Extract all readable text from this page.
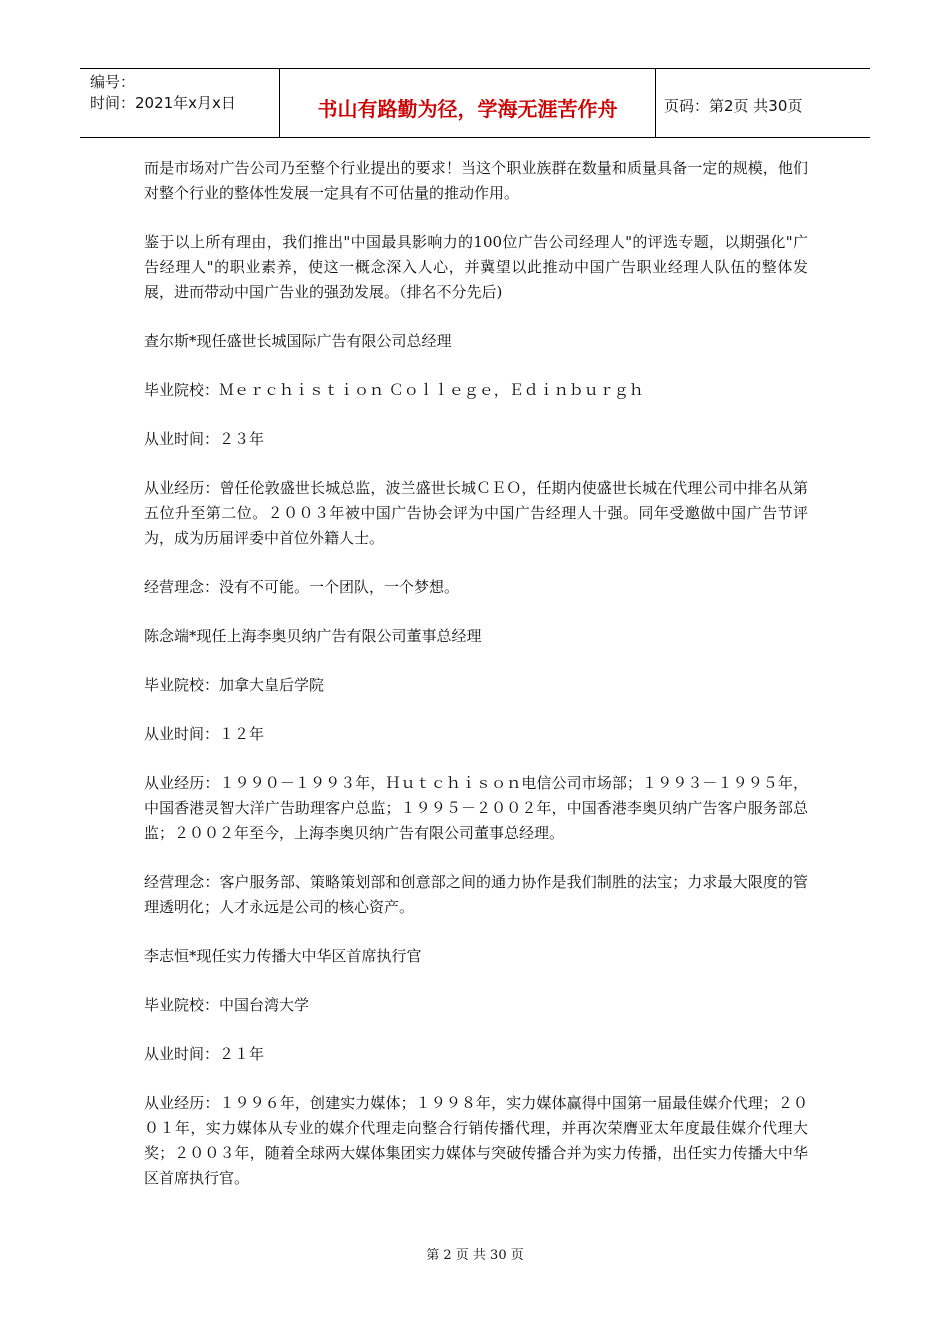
编号：
时间：2021年x月x日	书山有路勤为径，学海无涯苦作舟	页码：第2页 共30页

而是市场对广告公司乃至整个行业提出的要求！当这个职业族群在数量和质量具备一定的规模，他们对整个行业的整体性发展一定具有不可估量的推动作用。

鉴于以上所有理由，我们推出"中国最具影响力的100位广告公司经理人"的评选专题，以期强化"广告经理人"的职业素养，使这一概念深入人心，并冀望以此推动中国广告职业经理人队伍的整体发展，进而带动中国广告业的强劲发展。（排名不分先后)

查尔斯*现任盛世长城国际广告有限公司总经理

毕业院校：Ｍｅｒｃｈｉｓｔｉｏｎ Ｃｏｌｌｅｇｅ，Ｅｄｉｎｂｕｒｇｈ

从业时间：２３年

从业经历：曾任伦敦盛世长城总监，波兰盛世长城ＣＥＯ，任期内使盛世长城在代理公司中排名从第五位升至第二位。２００３年被中国广告协会评为中国广告经理人十强。同年受邀做中国广告节评为，成为历届评委中首位外籍人士。

经营理念：没有不可能。一个团队，一个梦想。

陈念端*现任上海李奥贝纳广告有限公司董事总经理

毕业院校：加拿大皇后学院

从业时间：１２年

从业经历：１９９０－１９９３年，Ｈｕｔｃｈｉｓｏｎ电信公司市场部；１９９３－１９９５年，中国香港灵智大洋广告助理客户总监；１９９５－２００２年，中国香港李奥贝纳广告客户服务部总监；２００２年至今，上海李奥贝纳广告有限公司董事总经理。

经营理念：客户服务部、策略策划部和创意部之间的通力协作是我们制胜的法宝；力求最大限度的管理透明化；人才永远是公司的核心资产。

李志恒*现任实力传播大中华区首席执行官

毕业院校：中国台湾大学

从业时间：２１年

从业经历：１９９６年，创建实力媒体；１９９８年，实力媒体赢得中国第一届最佳媒介代理；２００１年，实力媒体从专业的媒介代理走向整合行销传播代理，并再次荣膺亚太年度最佳媒介代理大奖；２００３年，随着全球两大媒体集团实力媒体与突破传播合并为实力传播，出任实力传播大中华区首席执行官。

第 2 页 共 30 页
